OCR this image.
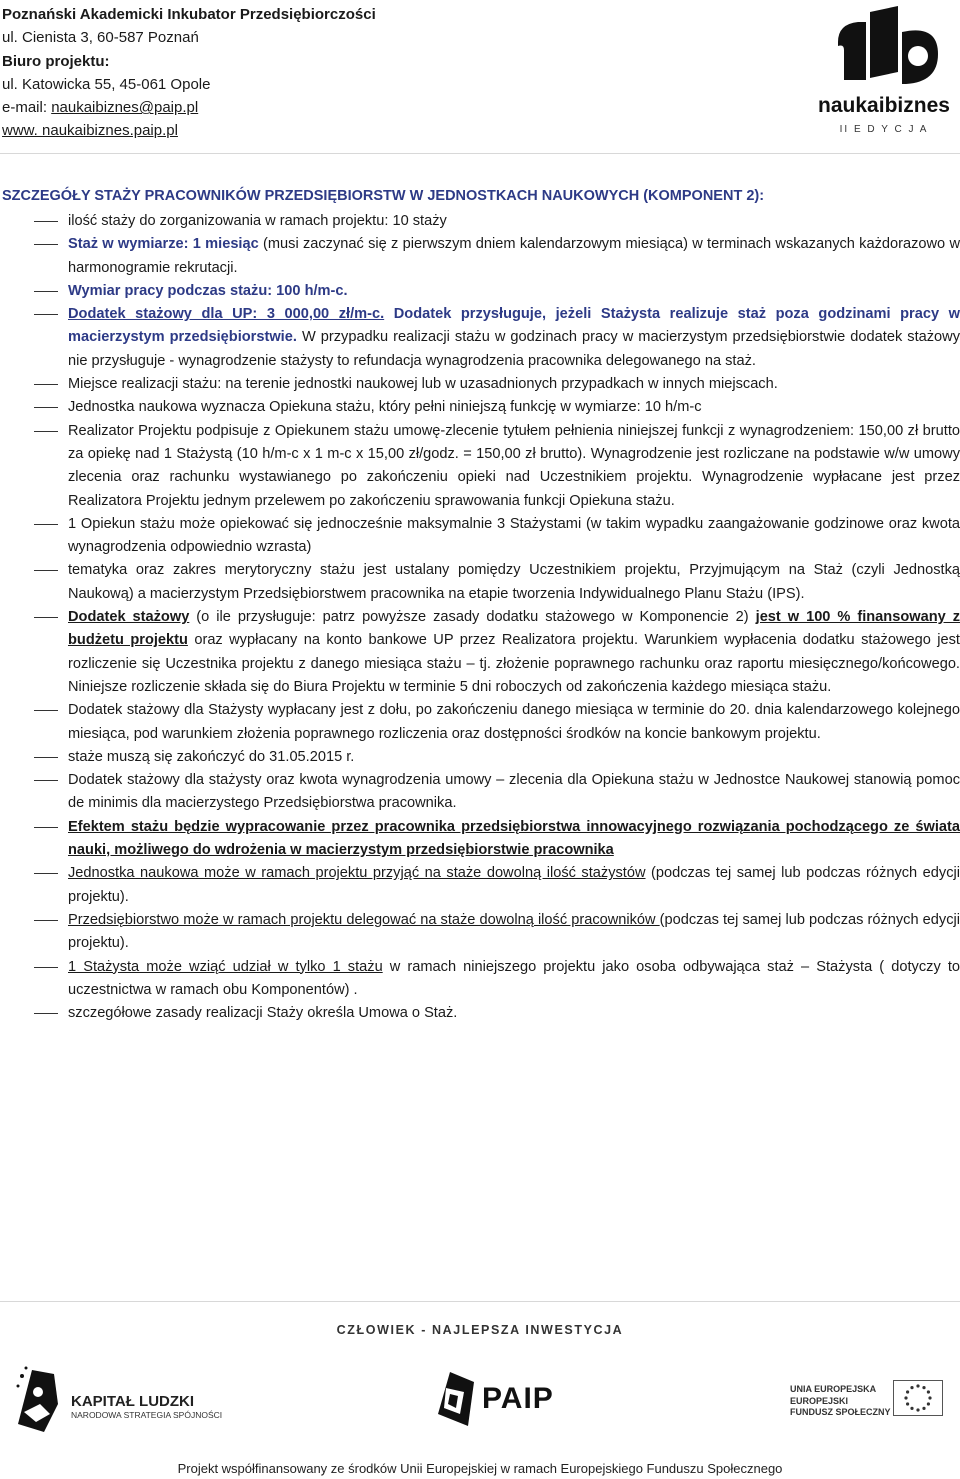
Poznański Akademicki Inkubator Przedsiębiorczości
ul. Cienista 3, 60-587 Poznań
Biuro projektu:
ul. Katowicka 55, 45-061 Opole
e-mail: naukaibiznes@paip.pl
www. naukaibiznes.paip.pl
naukaibiznes
II E D Y C J A
SZCZEGÓŁY STAŻY PRACOWNIKÓW PRZEDSIĘBIORSTW W JEDNOSTKACH NAUKOWYCH (KOMPONENT 2):
ilość staży do zorganizowania w ramach projektu: 10 staży
Staż w wymiarze: 1 miesiąc (musi zaczynać się z pierwszym dniem kalendarzowym miesiąca) w terminach wskazanych każdorazowo w harmonogramie rekrutacji.
Wymiar pracy podczas stażu: 100 h/m-c.
Dodatek stażowy dla UP: 3 000,00 zł/m-c. Dodatek przysługuje, jeżeli Stażysta realizuje staż poza godzinami pracy w macierzystym przedsiębiorstwie. W przypadku realizacji stażu w godzinach pracy w macierzystym przedsiębiorstwie dodatek stażowy nie przysługuje - wynagrodzenie stażysty to refundacja wynagrodzenia pracownika delegowanego na staż.
Miejsce realizacji stażu: na terenie jednostki naukowej lub w uzasadnionych przypadkach w innych miejscach.
Jednostka naukowa wyznacza Opiekuna stażu, który pełni niniejszą funkcję w wymiarze: 10 h/m-c
Realizator Projektu podpisuje z Opiekunem stażu umowę-zlecenie tytułem pełnienia niniejszej funkcji z wynagrodzeniem: 150,00 zł brutto za opiekę nad 1 Stażystą (10 h/m-c x 1 m-c x 15,00 zł/godz. = 150,00 zł brutto). Wynagrodzenie jest rozliczane na podstawie w/w umowy zlecenia oraz rachunku wystawianego po zakończeniu opieki nad Uczestnikiem projektu. Wynagrodzenie wypłacane jest przez Realizatora Projektu jednym przelewem po zakończeniu sprawowania funkcji Opiekuna stażu.
1 Opiekun stażu może opiekować się jednocześnie maksymalnie 3 Stażystami (w takim wypadku zaangażowanie godzinowe oraz kwota wynagrodzenia odpowiednio wzrasta)
tematyka oraz zakres merytoryczny stażu jest ustalany pomiędzy Uczestnikiem projektu, Przyjmującym na Staż (czyli Jednostką Naukową) a macierzystym Przedsiębiorstwem pracownika na etapie tworzenia Indywidualnego Planu Stażu (IPS).
Dodatek stażowy (o ile przysługuje: patrz powyższe zasady dodatku stażowego w Komponencie 2) jest w 100 % finansowany z budżetu projektu oraz wypłacany na konto bankowe UP przez Realizatora projektu. Warunkiem wypłacenia dodatku stażowego jest rozliczenie się Uczestnika projektu z danego miesiąca stażu – tj. złożenie poprawnego rachunku oraz raportu miesięcznego/końcowego. Niniejsze rozliczenie składa się do Biura Projektu w terminie 5 dni roboczych od zakończenia każdego miesiąca stażu.
Dodatek stażowy dla Stażysty wypłacany jest z dołu, po zakończeniu danego miesiąca w terminie do 20. dnia kalendarzowego kolejnego miesiąca, pod warunkiem złożenia poprawnego rozliczenia oraz dostępności środków na koncie bankowym projektu.
staże muszą się zakończyć do 31.05.2015 r.
Dodatek stażowy dla stażysty oraz kwota wynagrodzenia umowy – zlecenia dla Opiekuna stażu w Jednostce Naukowej stanowią pomoc de minimis dla macierzystego Przedsiębiorstwa pracownika.
Efektem stażu będzie wypracowanie przez pracownika przedsiębiorstwa innowacyjnego rozwiązania pochodzącego ze świata nauki, możliwego do wdrożenia w macierzystym przedsiębiorstwie pracownika
Jednostka naukowa może w ramach projektu przyjąć na staże dowolną ilość stażystów (podczas tej samej lub podczas różnych edycji projektu).
Przedsiębiorstwo może w ramach projektu delegować na staże dowolną ilość pracowników (podczas tej samej lub podczas różnych edycji projektu).
1 Stażysta może wziąć udział w tylko 1 stażu w ramach niniejszego projektu jako osoba odbywająca staż – Stażysta ( dotyczy to uczestnictwa w ramach obu Komponentów) .
szczegółowe zasady realizacji Staży określa Umowa o Staż.
CZŁOWIEK - NAJLEPSZA INWESTYCJA
KAPITAŁ LUDZKI
NARODOWA STRATEGIA SPÓJNOŚCI	PAIP	UNIA EUROPEJSKA
EUROPEJSKI
FUNDUSZ SPOŁECZNY
Projekt współfinansowany ze środków Unii Europejskiej w ramach Europejskiego Funduszu Społecznego
